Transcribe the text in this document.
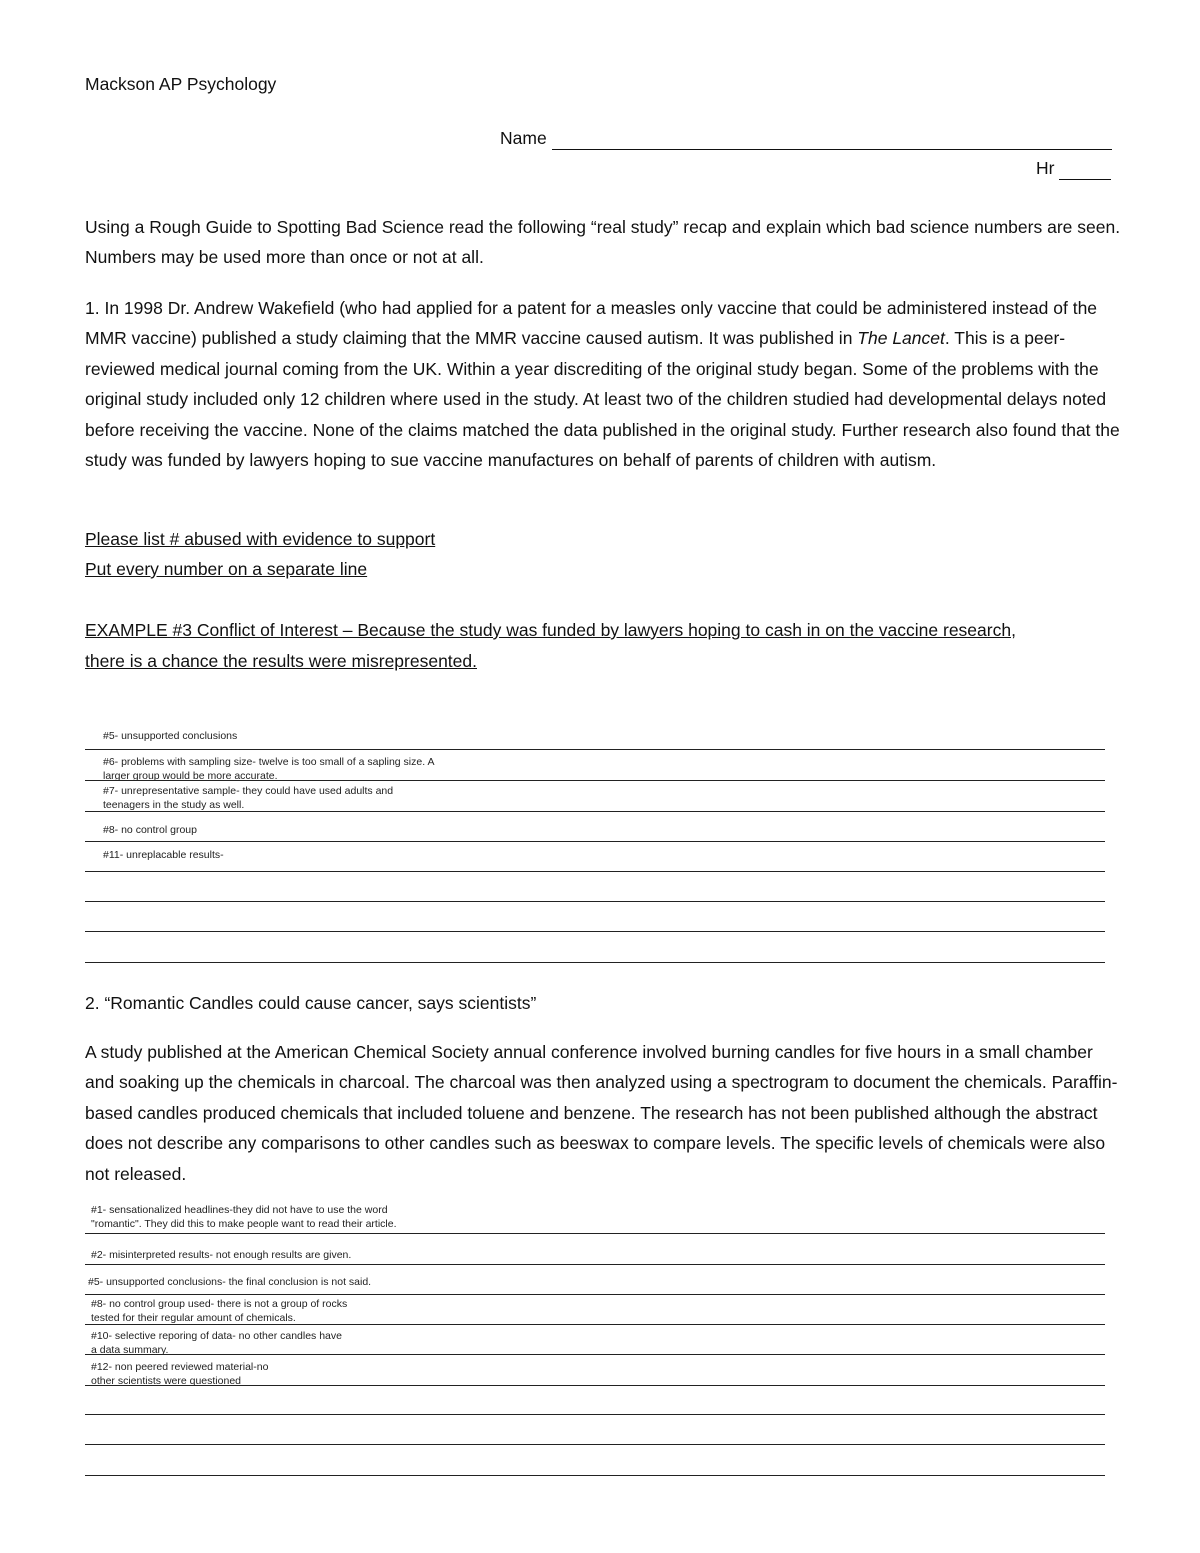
Mackson AP Psychology
Name
Hr

Using a Rough Guide to Spotting Bad Science read the following “real study” recap and explain which bad science numbers are seen. Numbers may be used more than once or not at all.

1. In 1998 Dr. Andrew Wakefield (who had applied for a patent for a measles only vaccine that could be administered instead of the MMR vaccine) published a study claiming that the MMR vaccine caused autism. It was published in The Lancet. This is a peer-reviewed medical journal coming from the UK. Within a year discrediting of the original study began. Some of the problems with the original study included only 12 children where used in the study. At least two of the children studied had developmental delays noted before receiving the vaccine. None of the claims matched the data published in the original study. Further research also found that the study was funded by lawyers hoping to sue vaccine manufactures on behalf of parents of children with autism.

Please list # abused with evidence to support
Put every number on a separate line
EXAMPLE #3 Conflict of Interest – Because the study was funded by lawyers hoping to cash in on the vaccine research,
there is a chance the results were misrepresented.
#5- unsupported conclusions
#6- problems with sampling size- twelve is too small of a sapling size. A
larger group would be more accurate.
#7- unrepresentative sample- they could have used adults and
teenagers in the study as well.
#8- no control group
#11- unreplacable results-
2. “Romantic Candles could cause cancer, says scientists”

A study published at the American Chemical Society annual conference involved burning candles for five hours in a small chamber and soaking up the chemicals in charcoal. The charcoal was then analyzed using a spectrogram to document the chemicals. Paraffin-based candles produced chemicals that included toluene and benzene. The research has not been published although the abstract does not describe any comparisons to other candles such as beeswax to compare levels. The specific levels of chemicals were also not released.

#1- sensationalized headlines-they did not have to use the word
"romantic". They did this to make people want to read their article.
#2- misinterpreted results- not enough results are given.
#5- unsupported conclusions- the final conclusion is not said.
#8- no control group used- there is not a group of rocks
tested for their regular amount of chemicals.
#10- selective reporing of data- no other candles have
a data summary.
#12- non peered reviewed material-no
other scientists were questioned
